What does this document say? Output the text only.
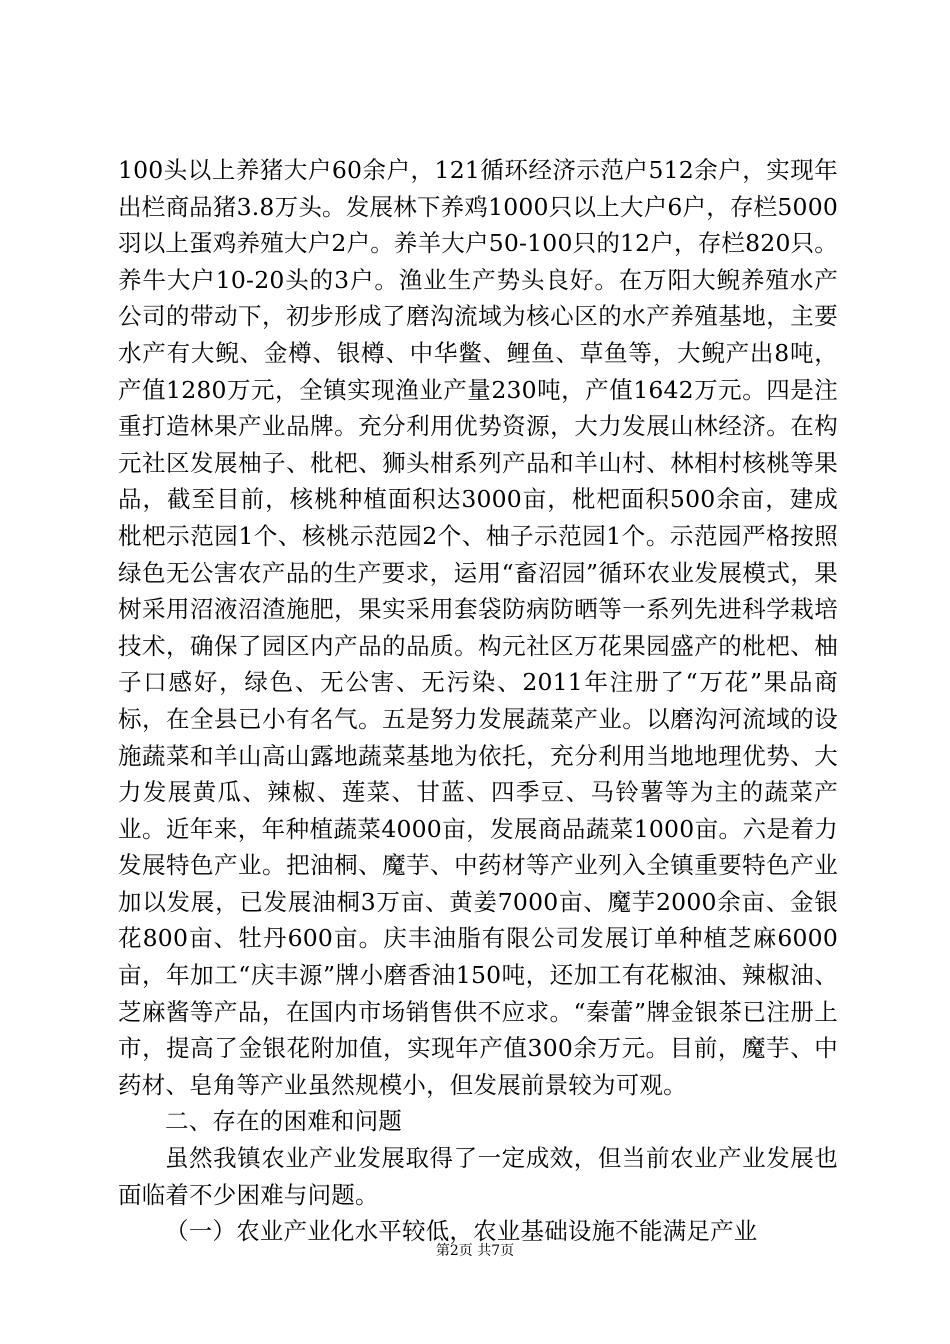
100头以上养猪大户60余户，121循环经济示范户512余户，实现年出栏商品猪3.8万头。发展林下养鸡1000只以上大户6户，存栏5000羽以上蛋鸡养殖大户2户。养羊大户50-100只的12户，存栏820只。养牛大户10-20头的3户。渔业生产势头良好。在万阳大鲵养殖水产公司的带动下，初步形成了磨沟流域为核心区的水产养殖基地，主要水产有大鲵、金樽、银樽、中华鳖、鲤鱼、草鱼等，大鲵产出8吨，产值1280万元，全镇实现渔业产量230吨，产值1642万元。四是注重打造林果产业品牌。充分利用优势资源，大力发展山林经济。在构元社区发展柚子、枇杷、狮头柑系列产品和羊山村、林相村核桃等果品，截至目前，核桃种植面积达3000亩，枇杷面积500余亩，建成枇杷示范园1个、核桃示范园2个、柚子示范园1个。示范园严格按照绿色无公害农产品的生产要求，运用“畜沼园”循环农业发展模式，果树采用沼液沼渣施肥，果实采用套袋防病防晒等一系列先进科学栽培技术，确保了园区内产品的品质。构元社区万花果园盛产的枇杷、柚子口感好，绿色、无公害、无污染、2011年注册了“万花”果品商标，在全县已小有名气。五是努力发展蔬菜产业。以磨沟河流域的设施蔬菜和羊山高山露地蔬菜基地为依托，充分利用当地地理优势、大力发展黄瓜、辣椒、莲菜、甘蓝、四季豆、马铃薯等为主的蔬菜产业。近年来，年种植蔬菜4000亩，发展商品蔬菜1000亩。六是着力发展特色产业。把油桐、魔芋、中药材等产业列入全镇重要特色产业加以发展，已发展油桐3万亩、黄姜7000亩、魔芋2000余亩、金银花800亩、牡丹600亩。庆丰油脂有限公司发展订单种植芝麻6000亩，年加工“庆丰源”牌小磨香油150吨，还加工有花椒油、辣椒油、芝麻酱等产品，在国内市场销售供不应求。“秦蕾”牌金银茶已注册上市，提高了金银花附加值，实现年产值300余万元。目前，魔芋、中药材、皂角等产业虽然规模小，但发展前景较为可观。

二、存在的困难和问题

虽然我镇农业产业发展取得了一定成效，但当前农业产业发展也面临着不少困难与问题。

（一）农业产业化水平较低，农业基础设施不能满足产业

第2页 共7页
